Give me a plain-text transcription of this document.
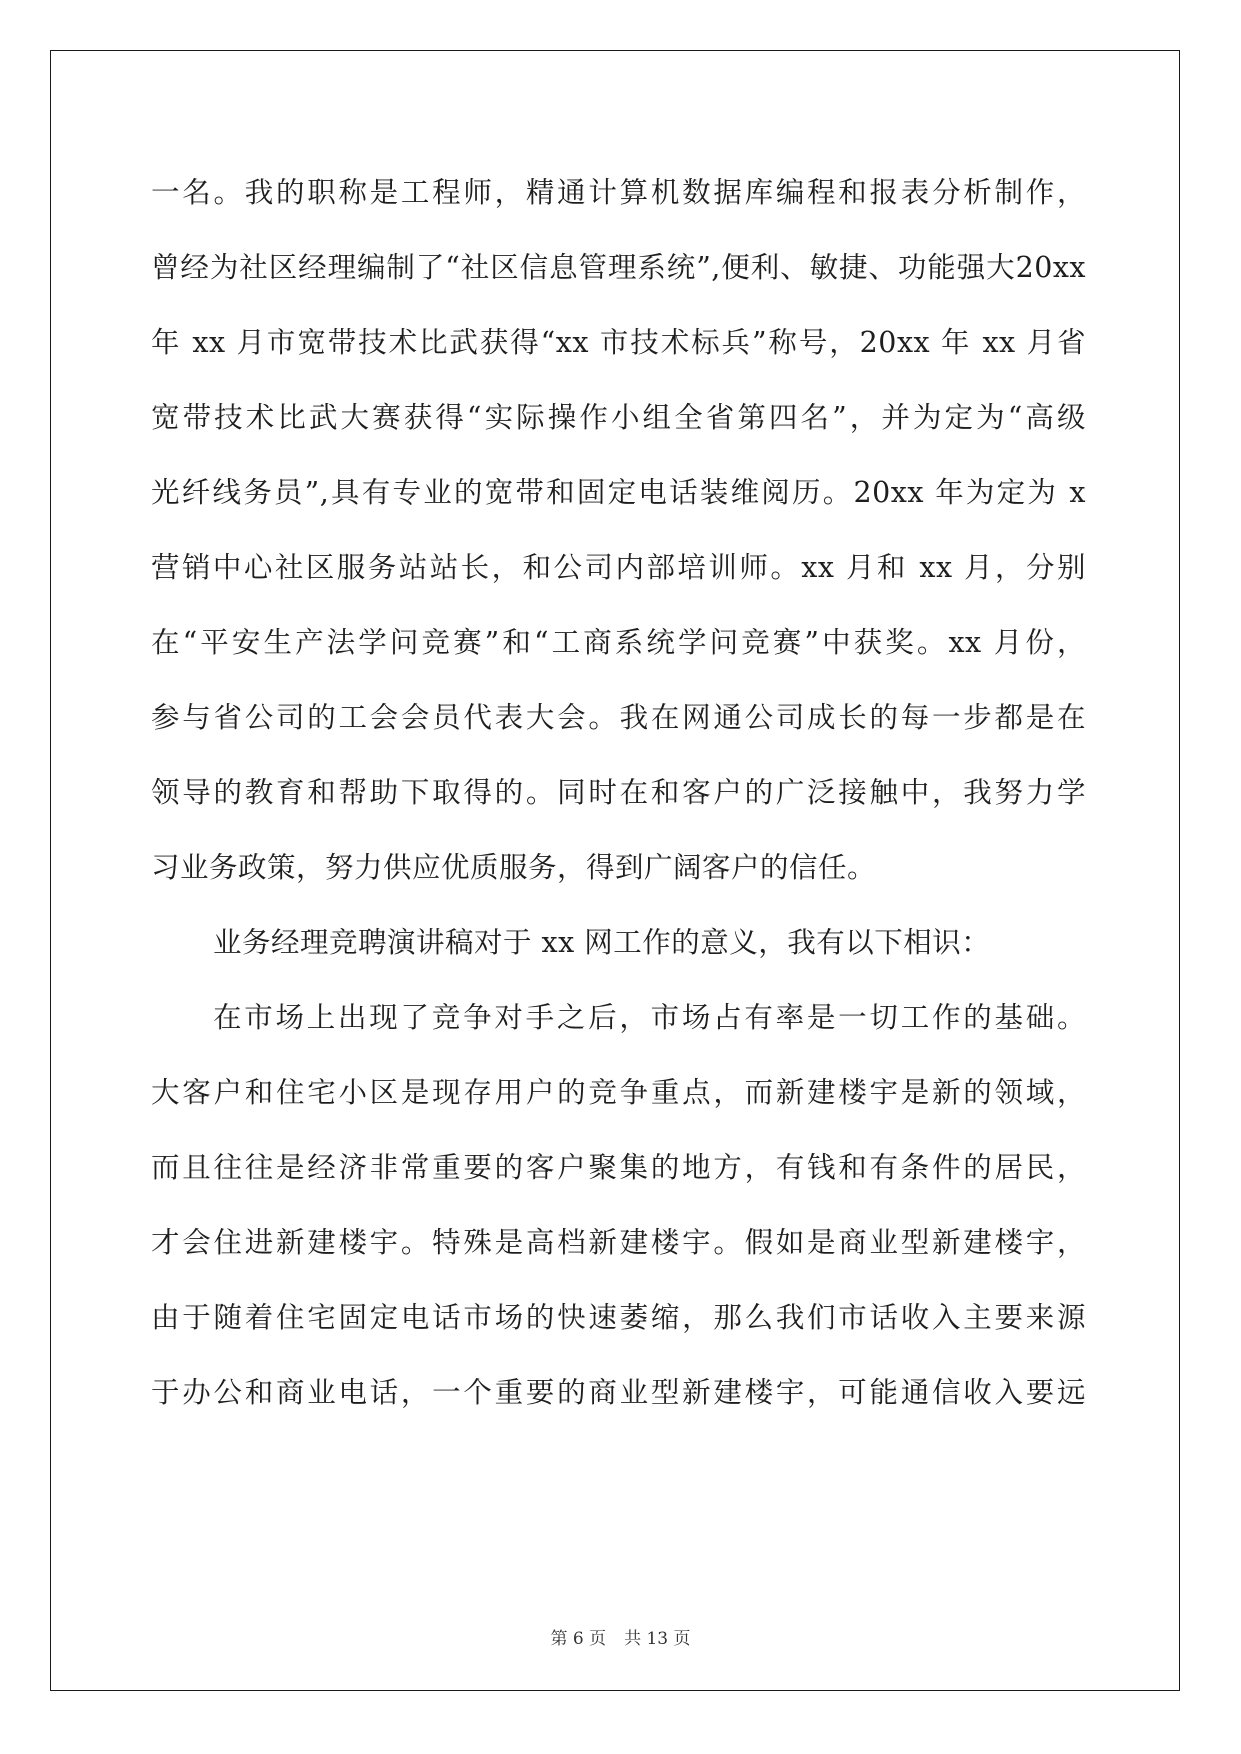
一名。我的职称是工程师，精通计算机数据库编程和报表分析制作，
曾经为社区经理编制了“社区信息管理系统”,便利、敏捷、功能强大20xx
年 xx 月市宽带技术比武获得“xx 市技术标兵”称号，20xx 年 xx 月省
宽带技术比武大赛获得“实际操作小组全省第四名”，并为定为“高级
光纤线务员”,具有专业的宽带和固定电话装维阅历。20xx 年为定为 x
营销中心社区服务站站长，和公司内部培训师。xx 月和 xx 月，分别
在“平安生产法学问竞赛”和“工商系统学问竞赛”中获奖。xx 月份，
参与省公司的工会会员代表大会。我在网通公司成长的每一步都是在
领导的教育和帮助下取得的。同时在和客户的广泛接触中，我努力学
习业务政策，努力供应优质服务，得到广阔客户的信任。
业务经理竞聘演讲稿对于 xx 网工作的意义，我有以下相识：
在市场上出现了竞争对手之后，市场占有率是一切工作的基础。
大客户和住宅小区是现存用户的竞争重点，而新建楼宇是新的领域，
而且往往是经济非常重要的客户聚集的地方，有钱和有条件的居民，
才会住进新建楼宇。特殊是高档新建楼宇。假如是商业型新建楼宇，
由于随着住宅固定电话市场的快速萎缩，那么我们市话收入主要来源
于办公和商业电话，一个重要的商业型新建楼宇，可能通信收入要远
第 6 页 共 13 页
